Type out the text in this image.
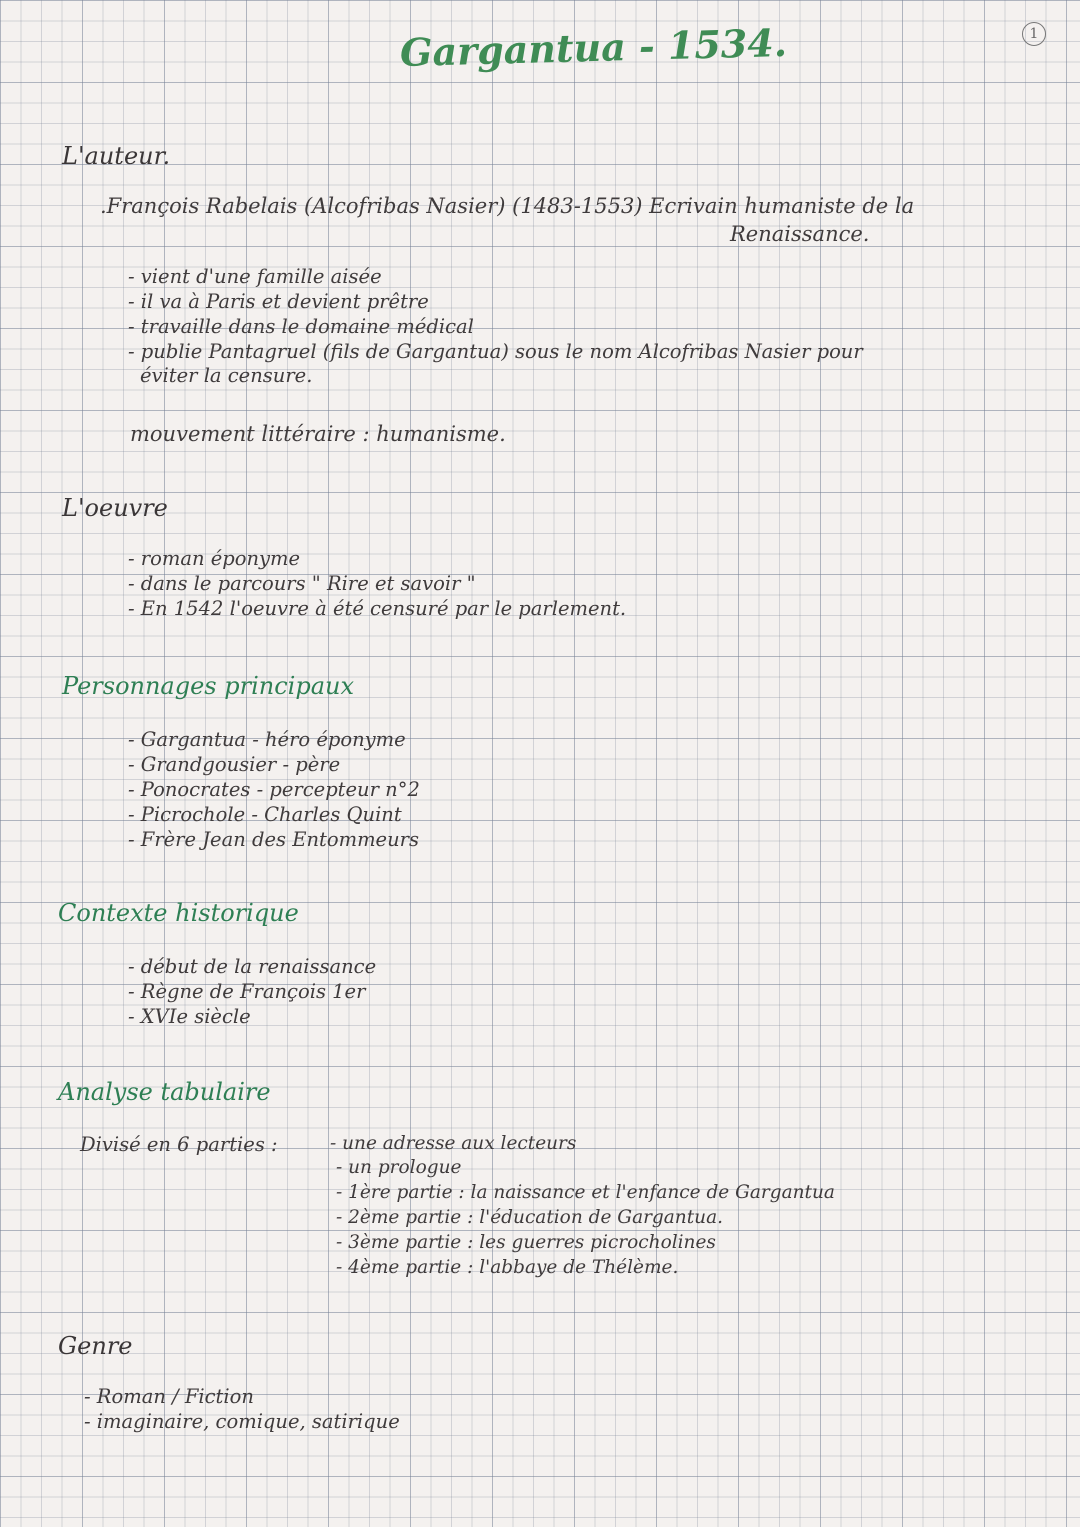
Gargantua - 1534.	1
L'auteur.
.François Rabelais (Alcofribas Nasier) (1483-1553) Ecrivain humaniste de la
Renaissance.
- vient d'une famille aisée
- il va à Paris et devient prêtre
- travaille dans le domaine médical
- publie Pantagruel (fils de Gargantua) sous le nom Alcofribas Nasier pour
éviter la censure.
mouvement littéraire : humanisme.
L'oeuvre
- roman éponyme
- dans le parcours " Rire et savoir "
- En 1542 l'oeuvre à été censuré par le parlement.
Personnages principaux
- Gargantua - héro éponyme
- Grandgousier - père
- Ponocrates - percepteur n°2
- Picrochole - Charles Quint
- Frère Jean des Entommeurs
Contexte historique
- début de la renaissance
- Règne de François 1er
- XVIe siècle
Analyse tabulaire
Divisé en 6 parties :	- une adresse aux lecteurs
- un prologue
- 1ère partie : la naissance et l'enfance de Gargantua
- 2ème partie : l'éducation de Gargantua.
- 3ème partie : les guerres picrocholines
- 4ème partie : l'abbaye de Thélème.
Genre
- Roman / Fiction
- imaginaire, comique, satirique
